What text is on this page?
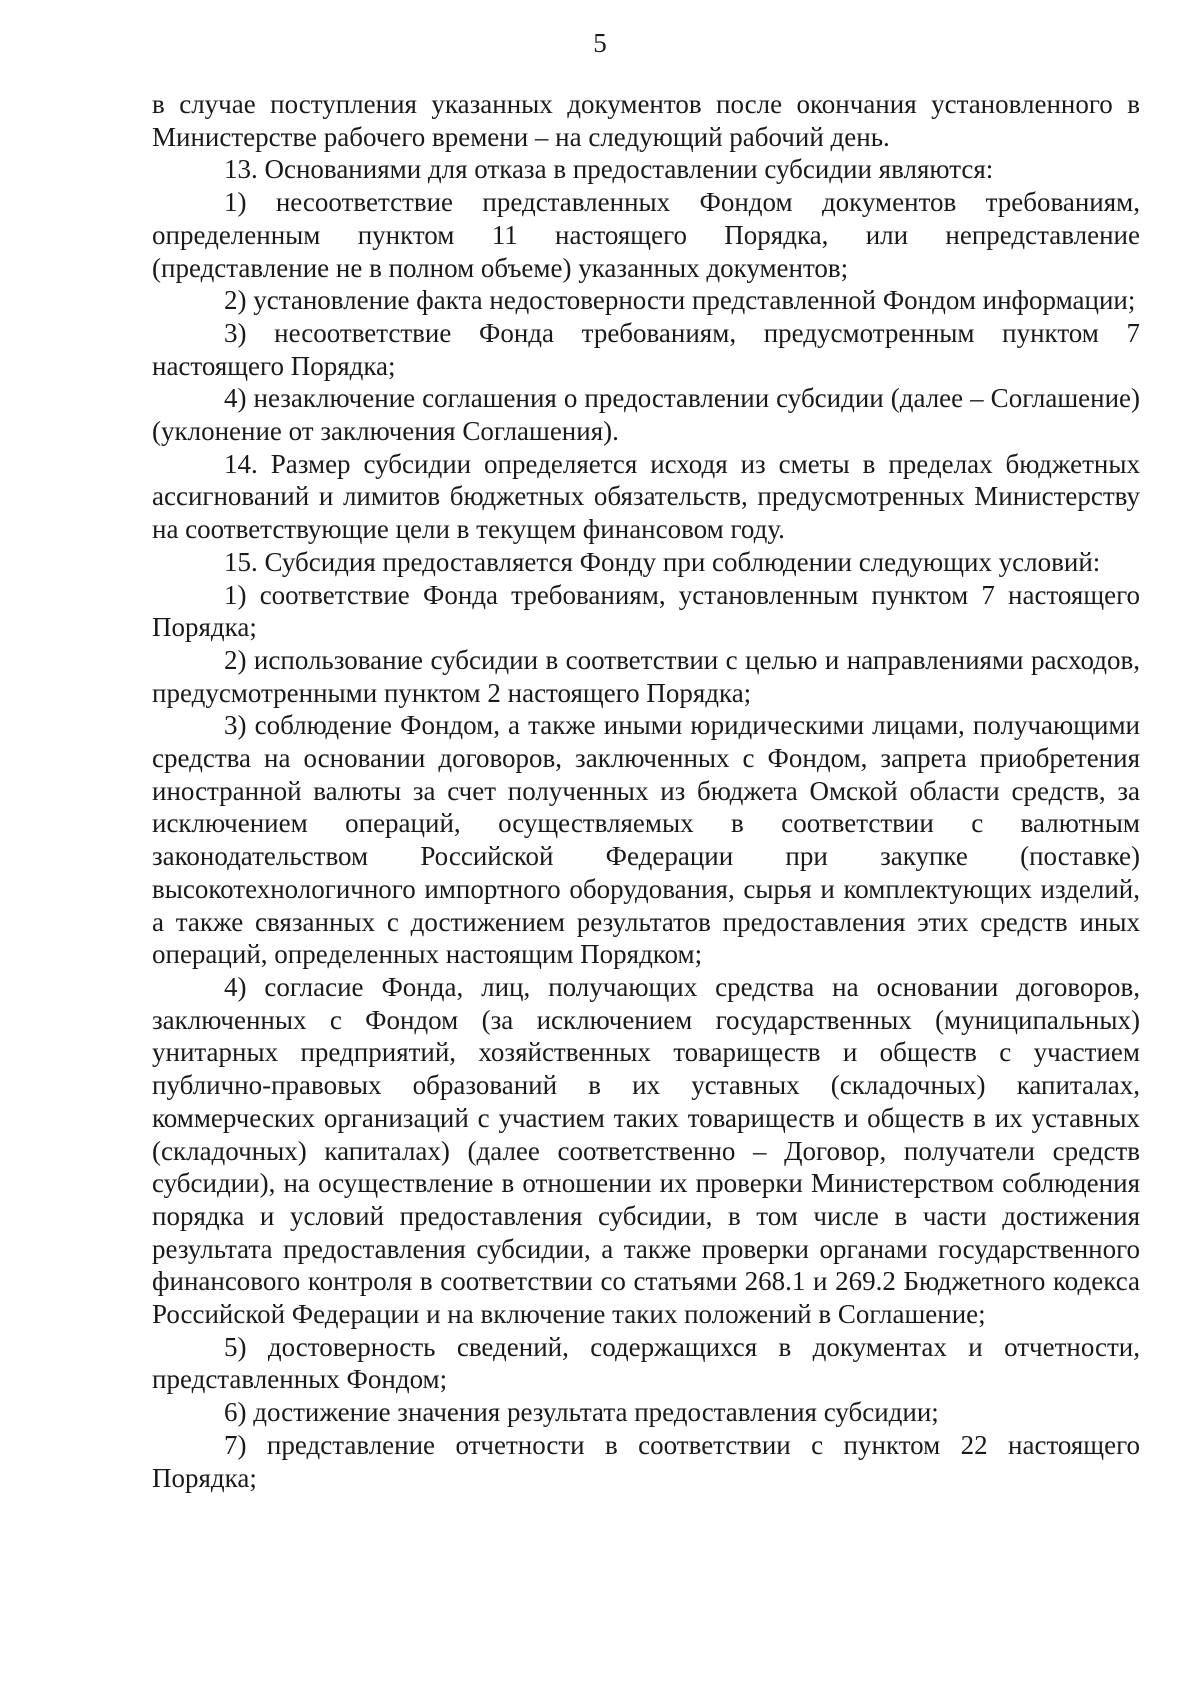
5

в случае поступления указанных документов после окончания установленного в Министерстве рабочего времени – на следующий рабочий день.

13. Основаниями для отказа в предоставлении субсидии являются:

1) несоответствие представленных Фондом документов требованиям, определенным пунктом 11 настоящего Порядка, или непредставление (представление не в полном объеме) указанных документов;

2) установление факта недостоверности представленной Фондом информации;

3) несоответствие Фонда требованиям, предусмотренным пунктом 7 настоящего Порядка;

4) незаключение соглашения о предоставлении субсидии (далее – Соглашение) (уклонение от заключения Соглашения).

14. Размер субсидии определяется исходя из сметы в пределах бюджетных ассигнований и лимитов бюджетных обязательств, предусмотренных Министерству на соответствующие цели в текущем финансовом году.

15. Субсидия предоставляется Фонду при соблюдении следующих условий:

1) соответствие Фонда требованиям, установленным пунктом 7 настоящего Порядка;

2) использование субсидии в соответствии с целью и направлениями расходов, предусмотренными пунктом 2 настоящего Порядка;

3) соблюдение Фондом, а также иными юридическими лицами, получающими средства на основании договоров, заключенных с Фондом, запрета приобретения иностранной валюты за счет полученных из бюджета Омской области средств, за исключением операций, осуществляемых в соответствии с валютным законодательством Российской Федерации при закупке (поставке) высокотехнологичного импортного оборудования, сырья и комплектующих изделий, а также связанных с достижением результатов предоставления этих средств иных операций, определенных настоящим Порядком;

4) согласие Фонда, лиц, получающих средства на основании договоров, заключенных с Фондом (за исключением государственных (муниципальных) унитарных предприятий, хозяйственных товариществ и обществ с участием публично-правовых образований в их уставных (складочных) капиталах, коммерческих организаций с участием таких товариществ и обществ в их уставных (складочных) капиталах) (далее соответственно – Договор, получатели средств субсидии), на осуществление в отношении их проверки Министерством соблюдения порядка и условий предоставления субсидии, в том числе в части достижения результата предоставления субсидии, а также проверки органами государственного финансового контроля в соответствии со статьями 268.1 и 269.2 Бюджетного кодекса Российской Федерации и на включение таких положений в Соглашение;

5) достоверность сведений, содержащихся в документах и отчетности, представленных Фондом;

6) достижение значения результата предоставления субсидии;

7) представление отчетности в соответствии с пунктом 22 настоящего Порядка;
